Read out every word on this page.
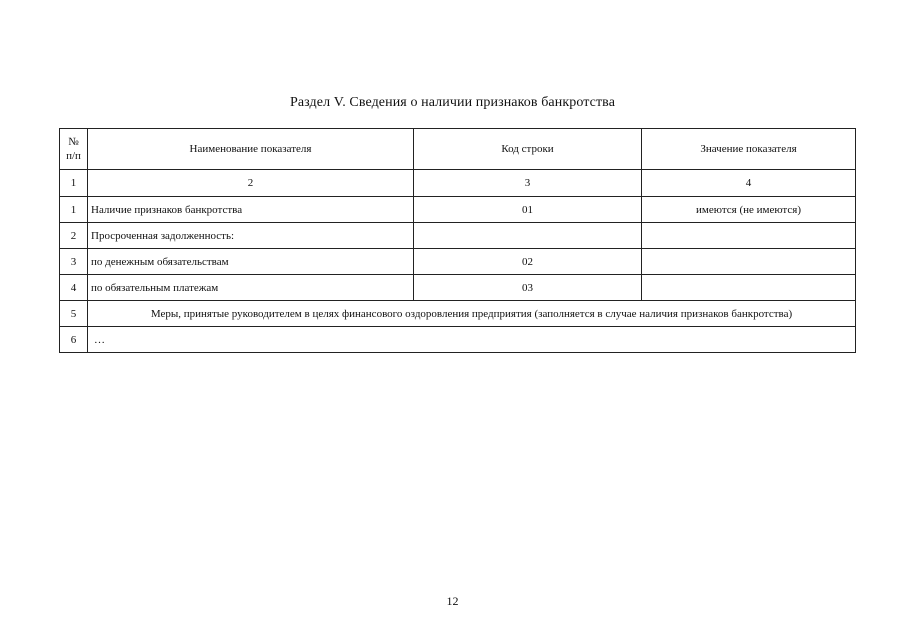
Раздел V. Сведения о наличии признаков банкротства
№ п/п	Наименование показателя	Код строки	Значение показателя
1	2	3	4
1	Наличие признаков банкротства	01	имеются (не имеются)
2	Просроченная задолженность:		
3	по денежным обязательствам	02	
4	по обязательным платежам	03	
5	Меры, принятые руководителем в целях финансового оздоровления предприятия (заполняется в случае наличия признаков банкротства)		
6	…		
12
